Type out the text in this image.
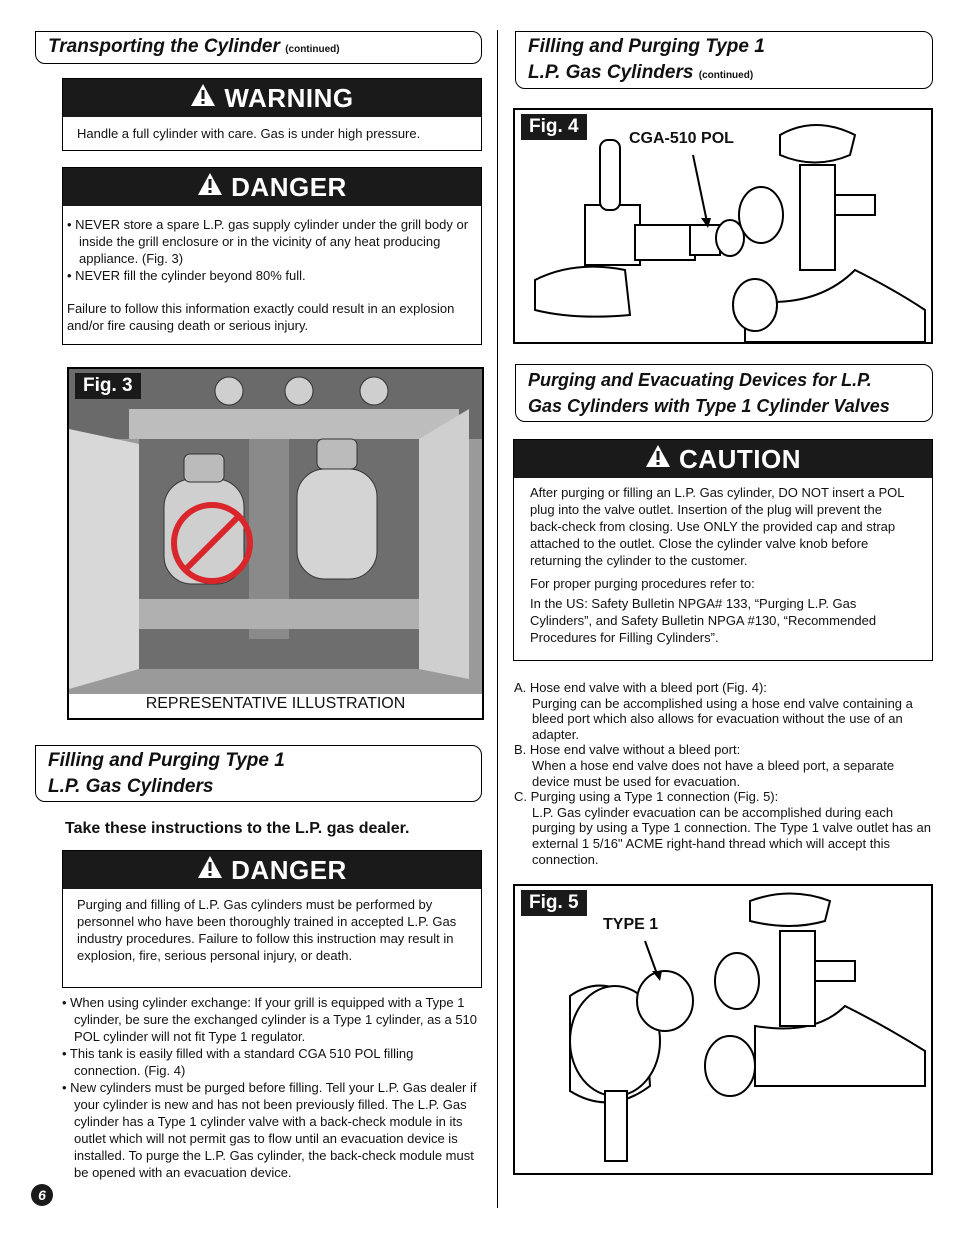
Transporting the Cylinder (continued)
WARNING
Handle a full cylinder with care. Gas is under high pressure.
DANGER
• NEVER store a spare L.P. gas supply cylinder under the grill body or inside the grill enclosure or in the vicinity of any heat producing appliance. (Fig. 3)
• NEVER fill the cylinder beyond 80% full.

Failure to follow this information exactly could result in an explosion and/or fire causing death or serious injury.

Fig. 3
REPRESENTATIVE ILLUSTRATION
Filling and Purging Type 1
L.P. Gas Cylinders
Take these instructions to the L.P. gas dealer.
DANGER
Purging and filling of L.P. Gas cylinders must be performed by personnel who have been thoroughly trained in accepted L.P. Gas industry procedures. Failure to follow this instruction may result in explosion, fire, serious personal injury, or death.
• When using cylinder exchange: If your grill is equipped with a Type 1 cylinder, be sure the exchanged cylinder is a Type 1 cylinder, as a 510 POL cylinder will not fit Type 1 regulator.
• This tank is easily filled with a standard CGA 510 POL filling connection. (Fig. 4)
• New cylinders must be purged before filling. Tell your L.P. Gas dealer if your cylinder is new and has not been previously filled. The L.P. Gas cylinder has a Type 1 cylinder valve with a back-check module in its outlet which will not permit gas to flow until an evacuation device is installed. To purge the L.P. Gas cylinder, the back-check module must be opened with an evacuation device.
6
Filling and Purging Type 1
L.P. Gas Cylinders (continued)
Fig. 4
CGA-510 POL
Purging and Evacuating Devices for L.P.
Gas Cylinders with Type 1 Cylinder Valves
CAUTION

After purging or filling an L.P. Gas cylinder, DO NOT insert a POL plug into the valve outlet. Insertion of the plug will prevent the back-check from closing. Use ONLY the provided cap and strap attached to the outlet. Close the cylinder valve knob before returning the cylinder to the customer.

For proper purging procedures refer to:

In the US: Safety Bulletin NPGA# 133, “Purging L.P. Gas Cylinders”, and Safety Bulletin NPGA #130, “Recommended Procedures for Filling Cylinders”.

A. Hose end valve with a bleed port (Fig. 4):

Purging can be accomplished using a hose end valve containing a bleed port which also allows for evacuation without the use of an adapter.

B. Hose end valve without a bleed port:

When a hose end valve does not have a bleed port, a separate device must be used for evacuation.

C. Purging using a Type 1 connection (Fig. 5):

L.P. Gas cylinder evacuation can be accomplished during each purging by using a Type 1 connection. The Type 1 valve outlet has an external 1 5/16" ACME right-hand thread which will accept this connection.

Fig. 5
TYPE 1
